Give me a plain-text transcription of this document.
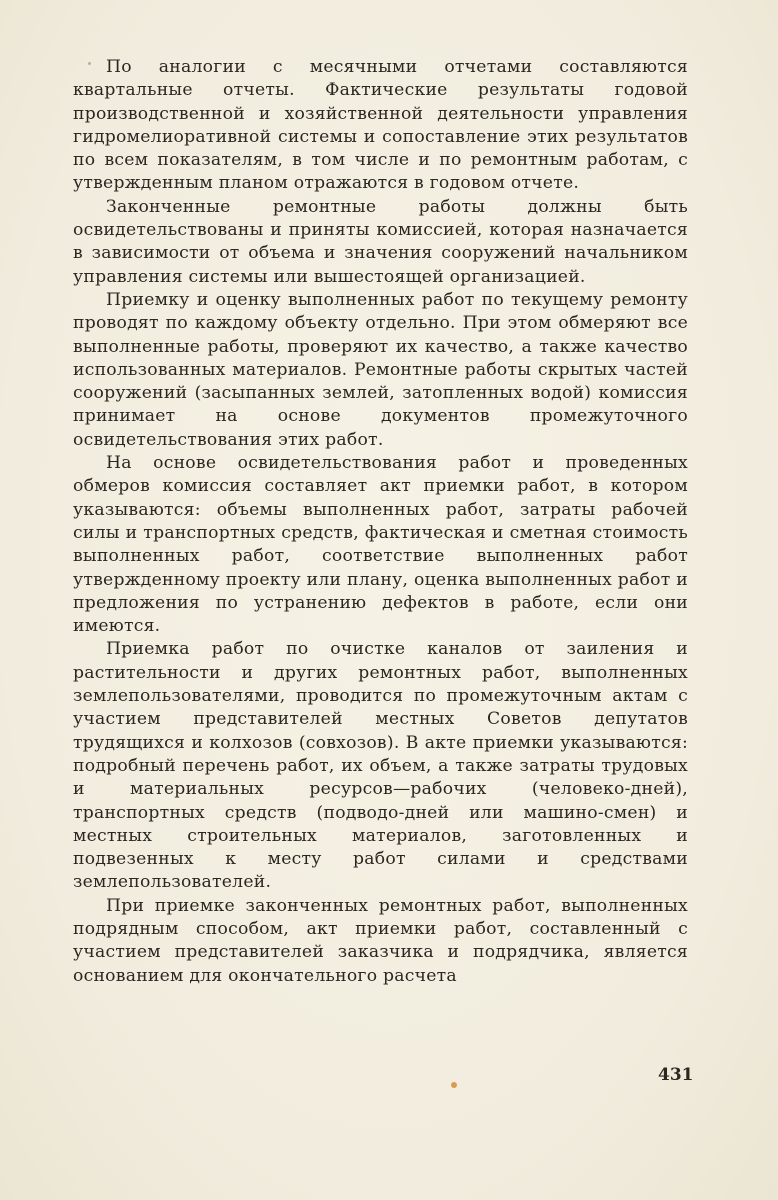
По аналогии с месячными отчетами составляются квартальные отчеты. Фактические результаты годовой производственной и хозяйственной деятельности управления гидромелиоративной системы и сопоставление этих результатов по всем показателям, в том числе и по ремонтным работам, с утвержденным планом отражаются в годовом отчете.

Законченные ремонтные работы должны быть освидетельствованы и приняты комиссией, которая назначается в зависимости от объема и значения сооружений начальником управления системы или вышестоящей организацией.

Приемку и оценку выполненных работ по текущему ремонту проводят по каждому объекту отдельно. При этом обмеряют все выполненные работы, проверяют их качество, а также качество использованных материалов. Ремонтные работы скрытых частей сооружений (засыпанных землей, затопленных водой) комиссия принимает на основе документов промежуточного освидетельствования этих работ.

На основе освидетельствования работ и проведенных обмеров комиссия составляет акт приемки работ, в котором указываются: объемы выполненных работ, затраты рабочей силы и транспортных средств, фактическая и сметная стоимость выполненных работ, соответствие выполненных работ утвержденному проекту или плану, оценка выполненных работ и предложения по устранению дефектов в работе, если они имеются.

Приемка работ по очистке каналов от заиления и растительности и других ремонтных работ, выполненных землепользователями, проводится по промежуточным актам с участием представителей местных Советов депутатов трудящихся и колхозов (совхозов). В акте приемки указываются: подробный перечень работ, их объем, а также затраты трудовых и материальных ресурсов—рабочих (человеко-дней), транспортных средств (подводо-дней или машино-смен) и местных строительных материалов, заготовленных и подвезенных к месту работ силами и средствами землепользователей.

При приемке законченных ремонтных работ, выполненных подрядным способом, акт приемки работ, составленный с участием представителей заказчика и подрядчика, является основанием для окончательного расчета

431
